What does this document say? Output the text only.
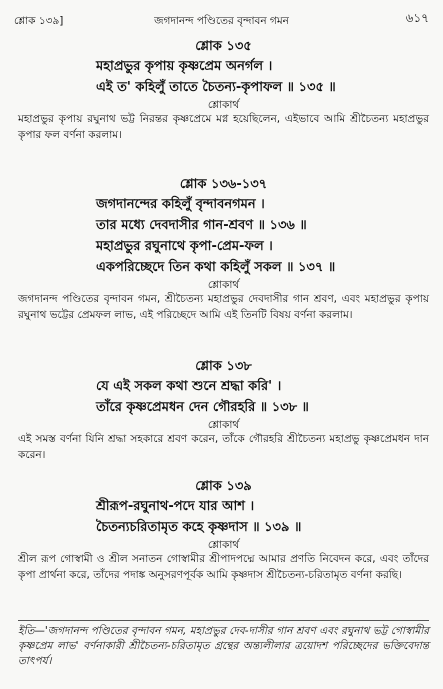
শ্লোক ১৩৯]	জগদানন্দ পণ্ডিতের বৃন্দাবন গমন	৬১৭
শ্লোক ১৩৫
মহাপ্রভুর কৃপায় কৃষ্ণপ্রেম অনর্গল ।
এই ত' কহিলুঁ তাতে চৈতন্য-কৃপাফল ॥ ১৩৫ ॥
শ্লোকার্থ
মহাপ্রভুর কৃপায় রঘুনাথ ভট্ট নিরন্তর কৃষ্ণপ্রেমে মগ্ন হয়েছিলেন, এইভাবে আমি শ্রীচৈতন্য মহাপ্রভুর কৃপার ফল বর্ণনা করলাম।
শ্লোক ১৩৬-১৩৭
জগদানন্দের কহিলুঁ বৃন্দাবনগমন ।
তার মধ্যে দেবদাসীর গান-শ্রবণ ॥ ১৩৬ ॥
মহাপ্রভুর রঘুনাথে কৃপা-প্রেম-ফল ।
একপরিচ্ছেদে তিন কথা কহিলুঁ সকল ॥ ১৩৭ ॥
শ্লোকার্থ
জগদানন্দ পণ্ডিতের বৃন্দাবন গমন, শ্রীচৈতন্য মহাপ্রভুর দেবদাসীর গান শ্রবণ, এবং মহাপ্রভুর কৃপায় রঘুনাথ ভট্টের প্রেমফল লাভ, এই পরিচ্ছেদে আমি এই তিনটি বিষয় বর্ণনা করলাম।
শ্লোক ১৩৮
যে এই সকল কথা শুনে শ্রদ্ধা করি' ।
তাঁরে কৃষ্ণপ্রেমধন দেন গৌরহরি ॥ ১৩৮ ॥
শ্লোকার্থ
এই সমস্ত বর্ণনা যিনি শ্রদ্ধা সহকারে শ্রবণ করেন, তাঁকে গৌরহরি শ্রীচৈতন্য মহাপ্রভু কৃষ্ণপ্রেমধন দান করেন।
শ্লোক ১৩৯
শ্রীরূপ-রঘুনাথ-পদে যার আশ ।
চৈতন্যচরিতামৃত কহে কৃষ্ণদাস ॥ ১৩৯ ॥
শ্লোকার্থ
শ্রীল রূপ গোস্বামী ও শ্রীল সনাতন গোস্বামীর শ্রীপাদপদ্মে আমার প্রণতি নিবেদন করে, এবং তাঁদের কৃপা প্রার্থনা করে, তাঁদের পদাঙ্ক অনুসরণপূর্বক আমি কৃষ্ণদাস শ্রীচৈতন্য-চরিতামৃত বর্ণনা করছি।
ইতি—'জগদানন্দ পণ্ডিতের বৃন্দাবন গমন, মহাপ্রভুর দেব-দাসীর গান শ্রবণ এবং রঘুনাথ ভট্ট গোস্বামীর কৃষ্ণপ্রেম লাভ' বর্ণনাকারী শ্রীচৈতন্য-চরিতামৃত গ্রন্থের অন্ত্যলীলার ত্রয়োদশ পরিচ্ছেদের ভক্তিবেদান্ত তাৎপর্য।
